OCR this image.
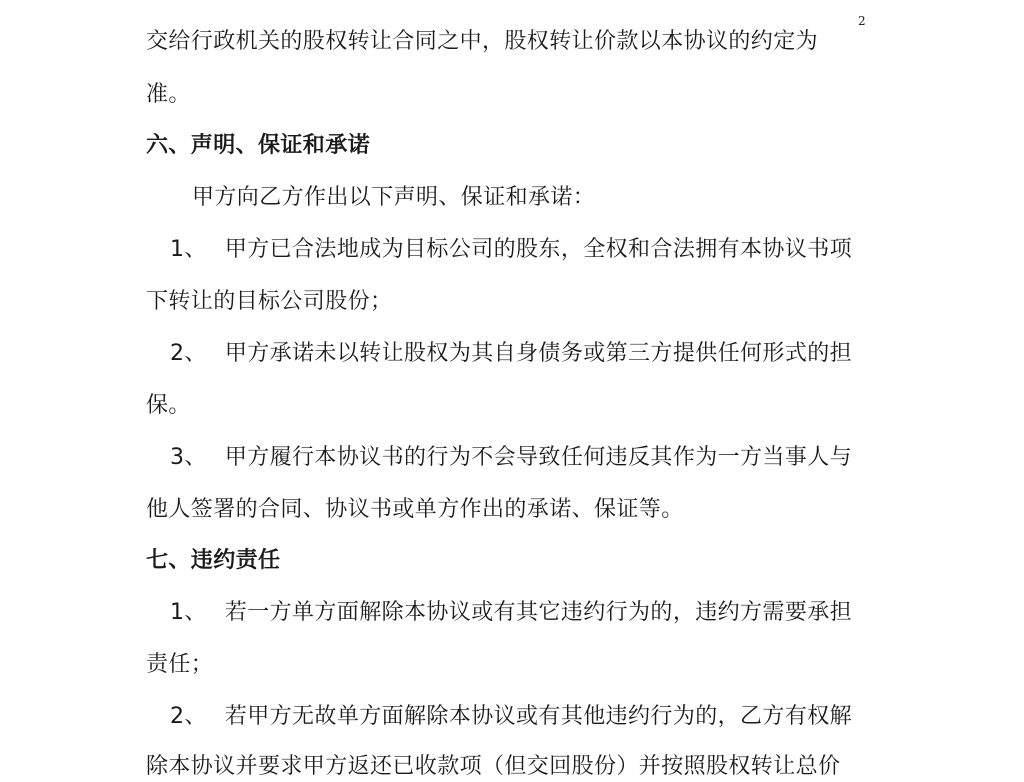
2

交给行政机关的股权转让合同之中，股权转让价款以本协议的约定为

准。

六、声明、保证和承诺

甲方向乙方作出以下声明、保证和承诺：

1、 甲方已合法地成为目标公司的股东，全权和合法拥有本协议书项

下转让的目标公司股份；

2、 甲方承诺未以转让股权为其自身债务或第三方提供任何形式的担

保。

3、 甲方履行本协议书的行为不会导致任何违反其作为一方当事人与

他人签署的合同、协议书或单方作出的承诺、保证等。

七、违约责任

1、 若一方单方面解除本协议或有其它违约行为的，违约方需要承担

责任；

2、 若甲方无故单方面解除本协议或有其他违约行为的，乙方有权解

除本协议并要求甲方返还已收款项（但交回股份）并按照股权转让总价
